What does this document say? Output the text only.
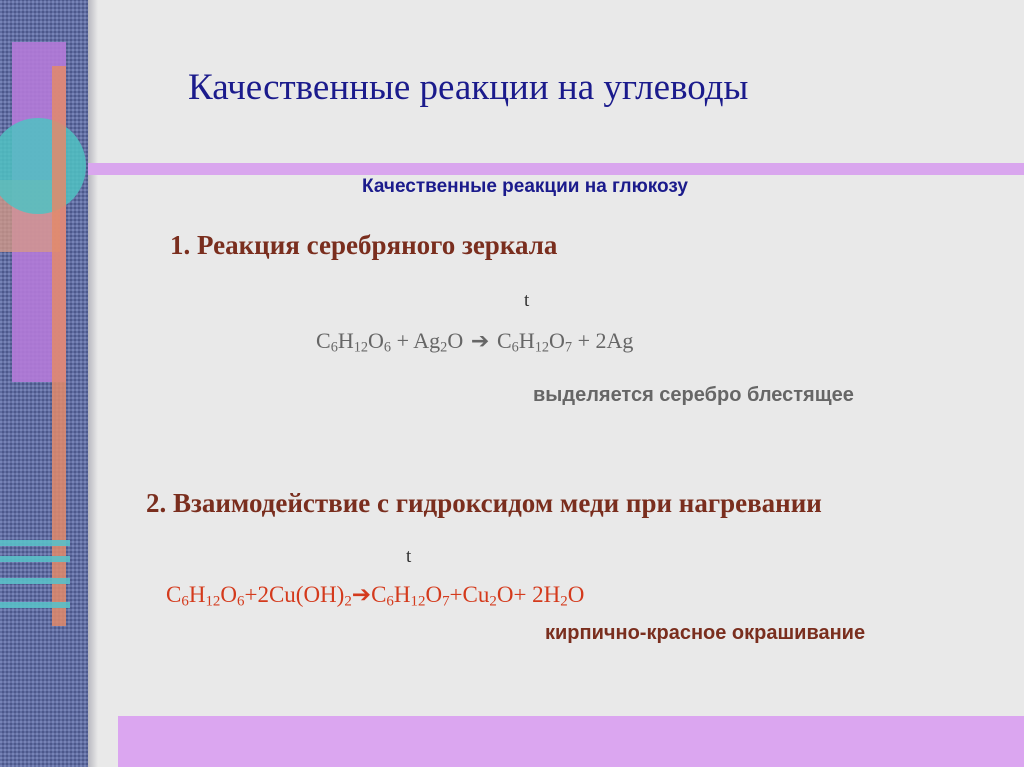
Качественные реакции на углеводы
Качественные реакции на глюкозу
1. Реакция серебряного зеркала
t
$C_6H_{12}O_6 + Ag_2O$ ➔ $C_6H_{12}O_7 + 2Ag$
выделяется серебро блестящее
2. Взаимодействие с гидроксидом меди при нагревании
t
$C_6H_{12}O_6+2Cu(OH)_2➔C_6H_{12}O_7+Cu_2O+ 2H_2O$
кирпично-красное окрашивание
